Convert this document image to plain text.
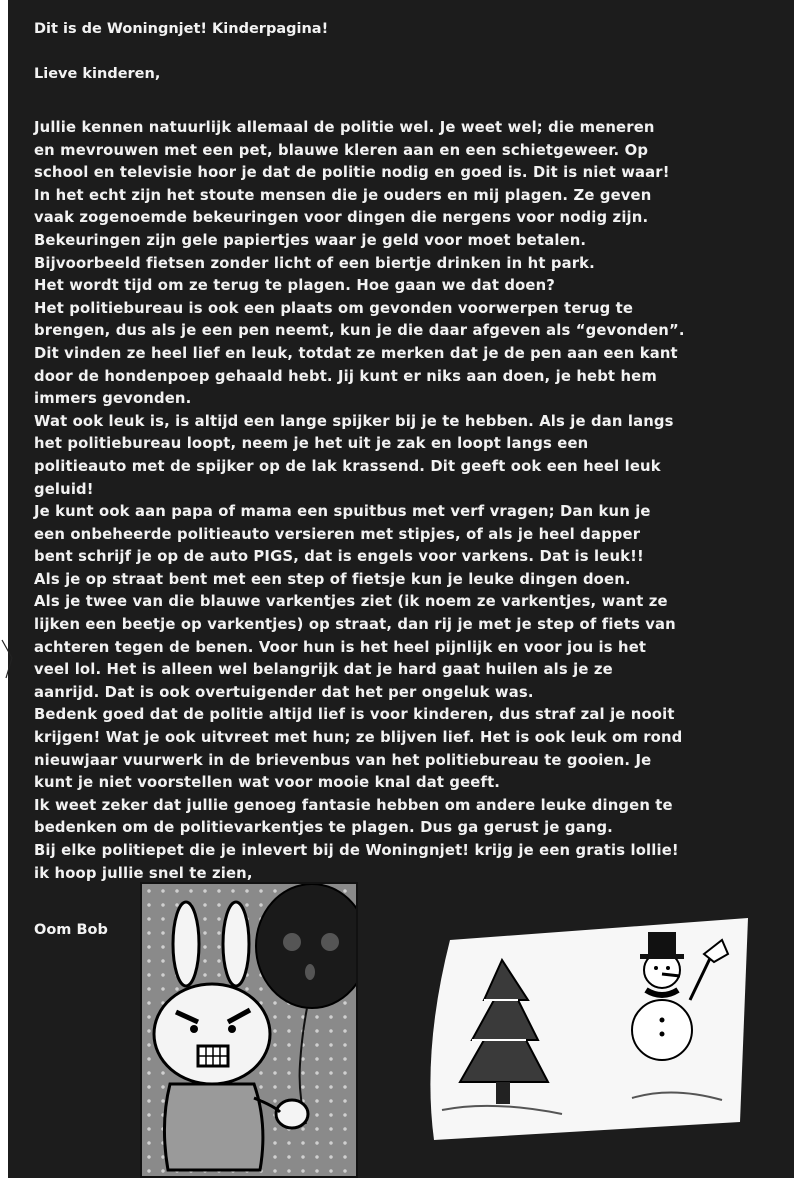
Dit is de Woningnjet! Kinderpagina!

Lieve kinderen,

Jullie kennen natuurlijk allemaal de politie wel. Je weet wel; die meneren

en mevrouwen met een pet, blauwe kleren aan en een schietgeweer. Op

school en televisie hoor je dat de politie nodig en goed is. Dit is niet waar!

In het echt zijn het stoute mensen die je ouders en mij plagen. Ze geven

vaak zogenoemde bekeuringen voor dingen die nergens voor nodig zijn.

Bekeuringen zijn gele papiertjes waar je geld voor moet betalen.

Bijvoorbeeld fietsen zonder licht of een biertje drinken in ht park.

Het wordt tijd om ze terug te plagen. Hoe gaan we dat doen?

Het politiebureau is ook een plaats om gevonden voorwerpen terug te

brengen, dus als je een pen neemt, kun je die daar afgeven als “gevonden”.

Dit vinden ze heel lief en leuk, totdat ze merken dat je de pen aan een kant

door de hondenpoep gehaald hebt. Jij kunt er niks aan doen, je hebt hem

immers gevonden.

Wat ook leuk is, is altijd een lange spijker bij je te hebben. Als je dan langs

het politiebureau loopt, neem je het uit je zak en loopt langs een

politieauto met de spijker op de lak krassend. Dit geeft ook een heel leuk

geluid!

Je kunt ook aan papa of mama een spuitbus met verf vragen; Dan kun je

een onbeheerde politieauto versieren met stipjes, of als je heel dapper

bent schrijf je op de auto PIGS, dat is engels voor varkens. Dat is leuk!!

Als je op straat bent met een step of fietsje kun je leuke dingen doen.

Als je twee van die blauwe varkentjes ziet (ik noem ze varkentjes, want ze

lijken een beetje op varkentjes) op straat, dan rij je met je step of fiets van

achteren tegen de benen. Voor hun is het heel pijnlijk en voor jou is het

veel lol. Het is alleen wel belangrijk dat je hard gaat huilen als je ze

aanrijd. Dat is ook overtuigender dat het per ongeluk was.

Bedenk goed dat de politie altijd lief is voor kinderen, dus straf zal je nooit

krijgen! Wat je ook uitvreet met hun; ze blijven lief. Het is ook leuk om rond

nieuwjaar vuurwerk in de brievenbus van het politiebureau te gooien. Je

kunt je niet voorstellen wat voor mooie knal dat geeft.

Ik weet zeker dat jullie genoeg fantasie hebben om andere leuke dingen te

bedenken om de politievarkentjes te plagen. Dus ga gerust je gang.

Bij elke politiepet die je inlevert bij de Woningnjet! krijg je een gratis lollie!

ik hoop jullie snel te zien,

Oom Bob
